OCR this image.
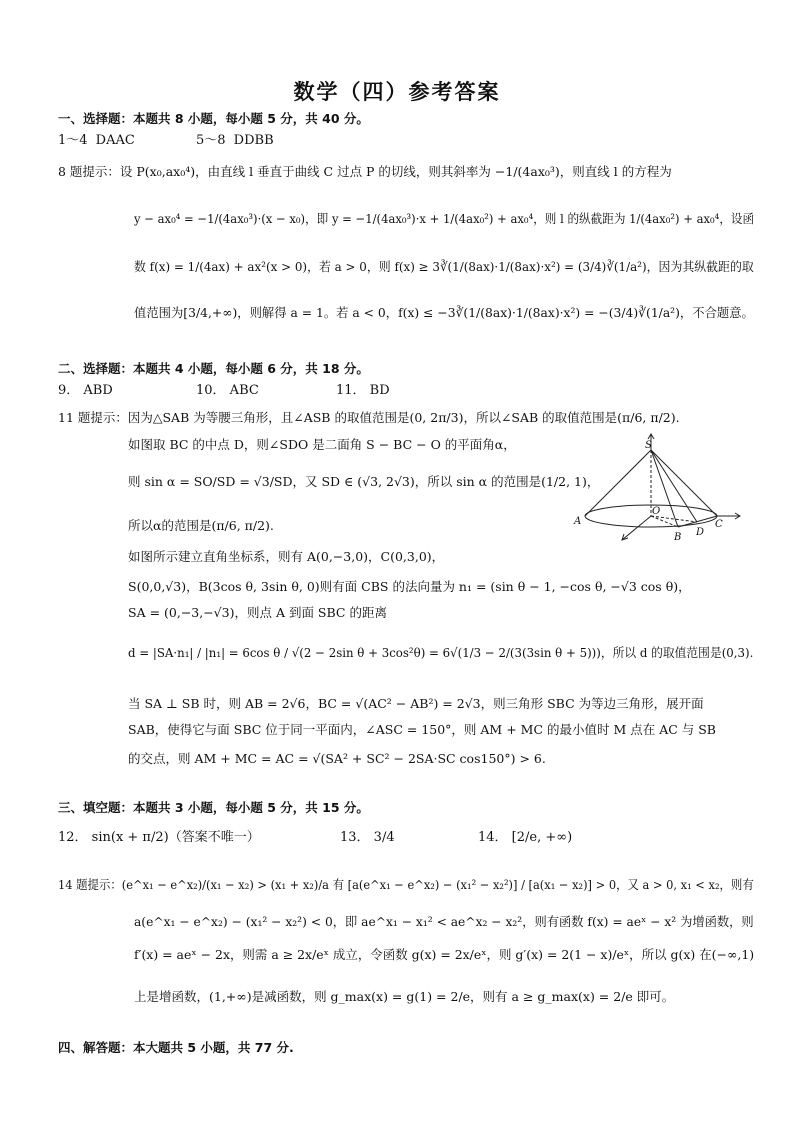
数学（四）参考答案
一、选择题：本题共 8 小题，每小题 5 分，共 40 分。
1～4 DAAC	5～8 DDBB
8 题提示：设 P(x₀,ax₀⁴)，由直线 l 垂直于曲线 C 过点 P 的切线，则其斜率为 −1/(4ax₀³)，则直线 l 的方程为
y − ax₀⁴ = −1/(4ax₀³)·(x − x₀)，即 y = −1/(4ax₀³)·x + 1/(4ax₀²) + ax₀⁴，则 l 的纵截距为 1/(4ax₀²) + ax₀⁴，设函
数 f(x) = 1/(4ax) + ax²(x > 0)，若 a > 0，则 f(x) ≥ 3∛(1/(8ax)·1/(8ax)·x²) = (3/4)∛(1/a²)，因为其纵截距的取
值范围为[3/4,+∞)，则解得 a = 1。若 a < 0，f(x) ≤ −3∛(1/(8ax)·1/(8ax)·x²) = −(3/4)∛(1/a²)，不合题意。
二、选择题：本题共 4 小题，每小题 6 分，共 18 分。
9． ABD	10． ABC	11． BD
11 题提示：因为△SAB 为等腰三角形，且∠ASB 的取值范围是(0, 2π/3)，所以∠SAB 的取值范围是(π/6, π/2).
如图取 BC 的中点 D，则∠SDO 是二面角 S − BC − O 的平面角α，
则 sin α = SO/SD = √3/SD，又 SD ∈ (√3, 2√3)，所以 sin α 的范围是(1/2, 1)，
所以α的范围是(π/6, π/2).
如图所示建立直角坐标系，则有 A(0,−3,0)，C(0,3,0)，
S(0,0,√3)，B(3cos θ, 3sin θ, 0)则有面 CBS 的法向量为 n₁ = (sin θ − 1, −cos θ, −√3 cos θ)，
SA = (0,−3,−√3)，则点 A 到面 SBC 的距离
d = |SA·n₁| / |n₁| = 6cos θ / √(2 − 2sin θ + 3cos²θ) = 6√(1/3 − 2/(3(3sin θ + 5)))，所以 d 的取值范围是(0,3).
当 SA ⊥ SB 时，则 AB = 2√6，BC = √(AC² − AB²) = 2√3，则三角形 SBC 为等边三角形，展开面
SAB，使得它与面 SBC 位于同一平面内，∠ASC = 150°，则 AM + MC 的最小值时 M 点在 AC 与 SB
的交点，则 AM + MC = AC = √(SA² + SC² − 2SA·SC cos150°) > 6.
S
A
O
B D
C
三、填空题：本题共 3 小题，每小题 5 分，共 15 分。
12． sin(x + π/2)（答案不唯一）	13． 3/4	14． [2/e, +∞)
14 题提示：(e^x₁ − e^x₂)/(x₁ − x₂) > (x₁ + x₂)/a 有 [a(e^x₁ − e^x₂) − (x₁² − x₂²)] / [a(x₁ − x₂)] > 0，又 a > 0, x₁ < x₂，则有
a(e^x₁ − e^x₂) − (x₁² − x₂²) < 0，即 ae^x₁ − x₁² < ae^x₂ − x₂²，则有函数 f(x) = aeˣ − x² 为增函数，则
f′(x) = aeˣ − 2x，则需 a ≥ 2x/eˣ 成立，令函数 g(x) = 2x/eˣ，则 g′(x) = 2(1 − x)/eˣ，所以 g(x) 在(−∞,1)
上是增函数，(1,+∞)是减函数，则 g_max(x) = g(1) = 2/e，则有 a ≥ g_max(x) = 2/e 即可。
四、解答题：本大题共 5 小题，共 77 分.
